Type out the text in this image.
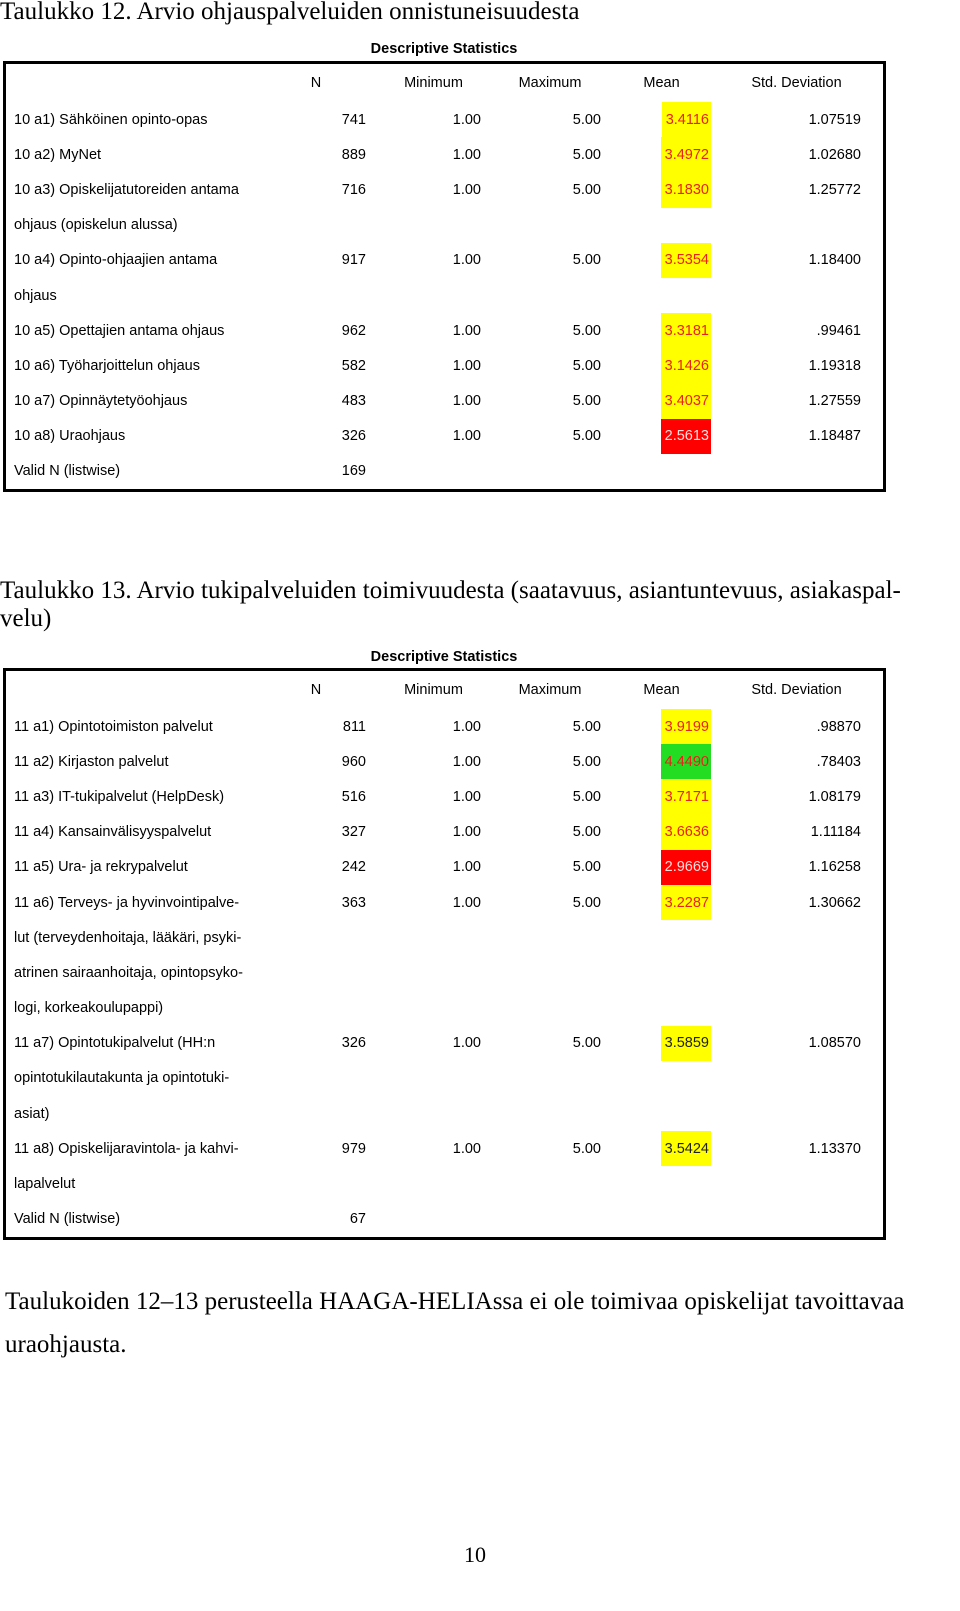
Taulukko 12. Arvio ohjauspalveluiden onnistuneisuudesta
Descriptive Statistics
N	Minimum	Maximum	Mean	Std. Deviation
10 a1) Sähköinen opinto-opas	741	1.00	5.00	3.4116	1.07519
10 a2) MyNet	889	1.00	5.00	3.4972	1.02680
10 a3) Opiskelijatutoreiden antama	716	1.00	5.00	3.1830	1.25772
ohjaus (opiskelun alussa)
10 a4) Opinto-ohjaajien antama	917	1.00	5.00	3.5354	1.18400
ohjaus
10 a5) Opettajien antama ohjaus	962	1.00	5.00	3.3181	.99461
10 a6) Työharjoittelun ohjaus	582	1.00	5.00	3.1426	1.19318
10 a7) Opinnäytetyöohjaus	483	1.00	5.00	3.4037	1.27559
10 a8) Uraohjaus	326	1.00	5.00	2.5613	1.18487
Valid N (listwise)	169
Taulukko 13. Arvio tukipalveluiden toimivuudesta (saatavuus, asiantuntevuus, asiakaspal-
velu)
Descriptive Statistics
N	Minimum	Maximum	Mean	Std. Deviation
11 a1) Opintotoimiston palvelut	811	1.00	5.00	3.9199	.98870
11 a2) Kirjaston palvelut	960	1.00	5.00	4.4490	.78403
11 a3) IT-tukipalvelut (HelpDesk)	516	1.00	5.00	3.7171	1.08179
11 a4) Kansainvälisyyspalvelut	327	1.00	5.00	3.6636	1.11184
11 a5) Ura- ja rekrypalvelut	242	1.00	5.00	2.9669	1.16258
11 a6) Terveys- ja hyvinvointipalve-	363	1.00	5.00	3.2287	1.30662
lut (terveydenhoitaja, lääkäri, psyki-
atrinen sairaanhoitaja, opintopsyko-
logi, korkeakoulupappi)
11 a7) Opintotukipalvelut (HH:n	326	1.00	5.00	3.5859	1.08570
opintotukilautakunta ja opintotuki-
asiat)
11 a8) Opiskelijaravintola- ja kahvi-	979	1.00	5.00	3.5424	1.13370
lapalvelut
Valid N (listwise)	67

Taulukoiden 12–13 perusteella HAAGA-HELIAssa ei ole toimivaa opiskelijat tavoittavaa uraohjausta.

10
